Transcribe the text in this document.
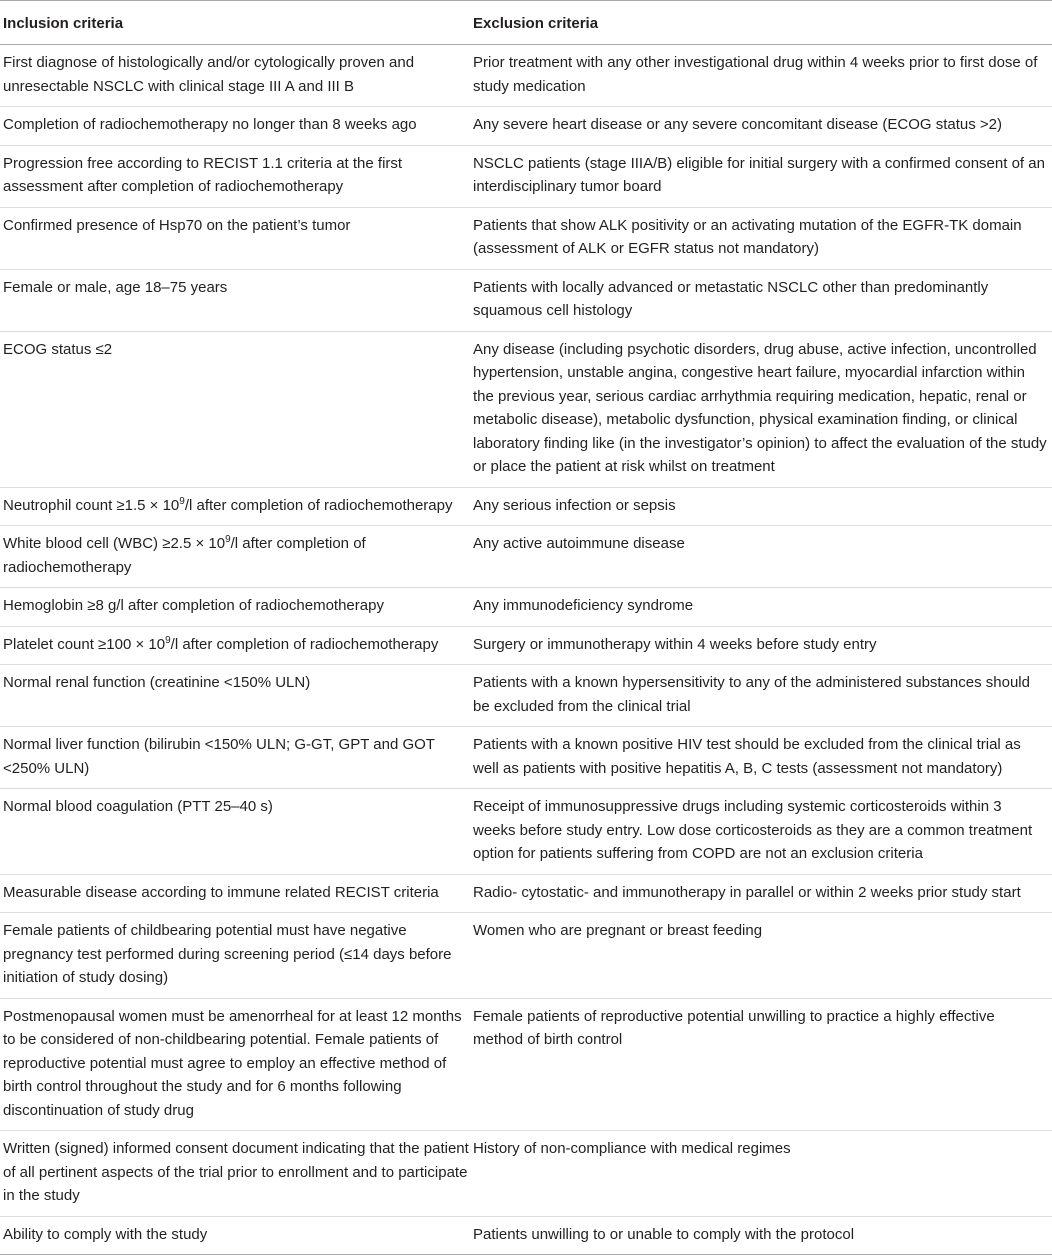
Inclusion criteria	Exclusion criteria
First diagnose of histologically and/or cytologically proven and unresectable NSCLC with clinical stage III A and III B	Prior treatment with any other investigational drug within 4 weeks prior to first dose of study medication
Completion of radiochemotherapy no longer than 8 weeks ago	Any severe heart disease or any severe concomitant disease (ECOG status >2)
Progression free according to RECIST 1.1 criteria at the first assessment after completion of radiochemotherapy	NSCLC patients (stage IIIA/B) eligible for initial surgery with a confirmed consent of an interdisciplinary tumor board
Confirmed presence of Hsp70 on the patient’s tumor	Patients that show ALK positivity or an activating mutation of the EGFR-TK domain (assessment of ALK or EGFR status not mandatory)
Female or male, age 18–75 years	Patients with locally advanced or metastatic NSCLC other than predominantly squamous cell histology
ECOG status ≤2	Any disease (including psychotic disorders, drug abuse, active infection, uncontrolled hypertension, unstable angina, congestive heart failure, myocardial infarction within the previous year, serious cardiac arrhythmia requiring medication, hepatic, renal or metabolic disease), metabolic dysfunction, physical examination finding, or clinical laboratory finding like (in the investigator’s opinion) to affect the evaluation of the study or place the patient at risk whilst on treatment
Neutrophil count $\ge 1.5 \times 10^9/l$ after completion of radiochemotherapy	Any serious infection or sepsis
White blood cell $(WBC) \ge 2.5 \times 10^9/l$ after completion of radiochemotherapy	Any active autoimmune disease
Hemoglobin ≥8 g/l after completion of radiochemotherapy	Any immunodeficiency syndrome
Platelet count $\ge 100 \times 10^9/l$ after completion of radiochemotherapy	Surgery or immunotherapy within 4 weeks before study entry
Normal renal function (creatinine <150% ULN)	Patients with a known hypersensitivity to any of the administered substances should be excluded from the clinical trial
Normal liver function (bilirubin <150% ULN; G-GT, GPT and GOT <250% ULN)	Patients with a known positive HIV test should be excluded from the clinical trial as well as patients with positive hepatitis A, B, C tests (assessment not mandatory)
Normal blood coagulation (PTT 25–40 s)	Receipt of immunosuppressive drugs including systemic corticosteroids within 3 weeks before study entry. Low dose corticosteroids as they are a common treatment option for patients suffering from COPD are not an exclusion criteria
Measurable disease according to immune related RECIST criteria	Radio- cytostatic- and immunotherapy in parallel or within 2 weeks prior study start
Female patients of childbearing potential must have negative pregnancy test performed during screening period (≤14 days before initiation of study dosing)	Women who are pregnant or breast feeding
Postmenopausal women must be amenorrheal for at least 12 months to be considered of non-childbearing potential. Female patients of reproductive potential must agree to employ an effective method of birth control throughout the study and for 6 months following discontinuation of study drug	Female patients of reproductive potential unwilling to practice a highly effective method of birth control
Written (signed) informed consent document indicating that the patient of all pertinent aspects of the trial prior to enrollment and to participate in the study	History of non-compliance with medical regimes
Ability to comply with the study	Patients unwilling to or unable to comply with the protocol
